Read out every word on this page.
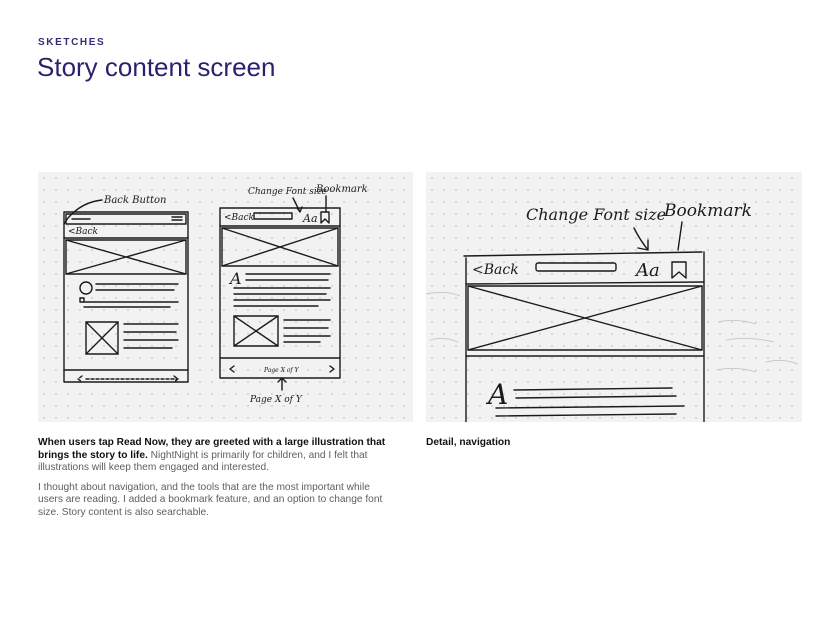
SKETCHES
Story content screen
Back Button
Change Font size
Bookmark
<Back
<Back	Aa
A
Page X of Y
Page X of Y
Change Font size
Bookmark
<Back	Aa
A

When users tap Read Now, they are greeted with a large illustration that brings the story to life. NightNight is primarily for children, and I felt that illustrations will keep them engaged and interested.

I thought about navigation, and the tools that are the most important while users are reading. I added a bookmark feature, and an option to change font size. Story content is also searchable.

Detail, navigation
